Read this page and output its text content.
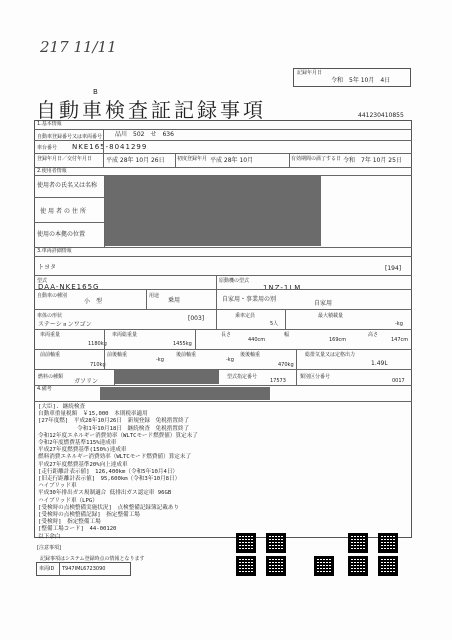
217 11/11
記録年月日
令和　5年 10月　4日
B
自動車検査証記録事項	441230410855
1.基本情報
自動車登録番号又は車両番号 品川　502　せ　636
車台番号 NKE165-8041299
登録年月日／交付年月日 平成 28年 10月 26日 初度登録年月 平成 28年 10月	有効期間の満了する日 令和　7年 10月 25日
2.使用者情報
使用者の氏名又は名称
使用者の住所
使用の本拠の位置
3.車両詳細情報
トヨタ	[194]
型式
DAA-NKE165G
原動機の型式
1NZ-1LM
自動車の種別
小　型
用途
乗用	自家用・事業用の別
自家用
車体の形状
ステーションワゴン
[003]	乗車定員
5人
最大積載量
-kg
車両重量
1180kg
車両総重量
1455kg
長さ
440cm
幅
169cm
高さ
147cm
前前軸重
710kg
前後軸重
-kg
後前軸重
-kg
後後軸重
470kg
総排気量又は定格出力
1.49L
燃料の種類
ガソリン
型式指定番号
17573
類別区分番号
0017
4.備考
[大臣]. 継続検査
自動車重量税額　￥15,000　本則税率適用
[27年度燃]　平成28年10月26日　新規登録　免税措置終了
　　　　　　　令和1年10月18日　継続検査　免税措置終了
令和12年度エネルギー消費効率（WLTCモード燃費値）算定未了
令和2年度燃費基準115%達成車
平成27年度燃費基準(150%)達成車
燃料消費エネルギー消費効率（WLTCモード燃費値）算定未了
平成27年度燃費基準20%向上達成車
[走行距離計表示値]　126,400km（令和5年10月4日）
[旧走行距離計表示値]　95,600km（令和3年10月8日）
ハイブリッド車
平成30年排出ガス規制適合 低排出ガス認定車 96GB
ハイブリッド車（LPG）
[受検時の点検整備実施状況]　点検整備記録簿記載あり
[受検時の点検整備記録]　指定整備工場
[受検時]　指定整備工場
[整備工場コード]　44-00120
以下余白
[注意事項]
記録事項はシステム登録時点の情報となります
車両ID T947IML6723090
